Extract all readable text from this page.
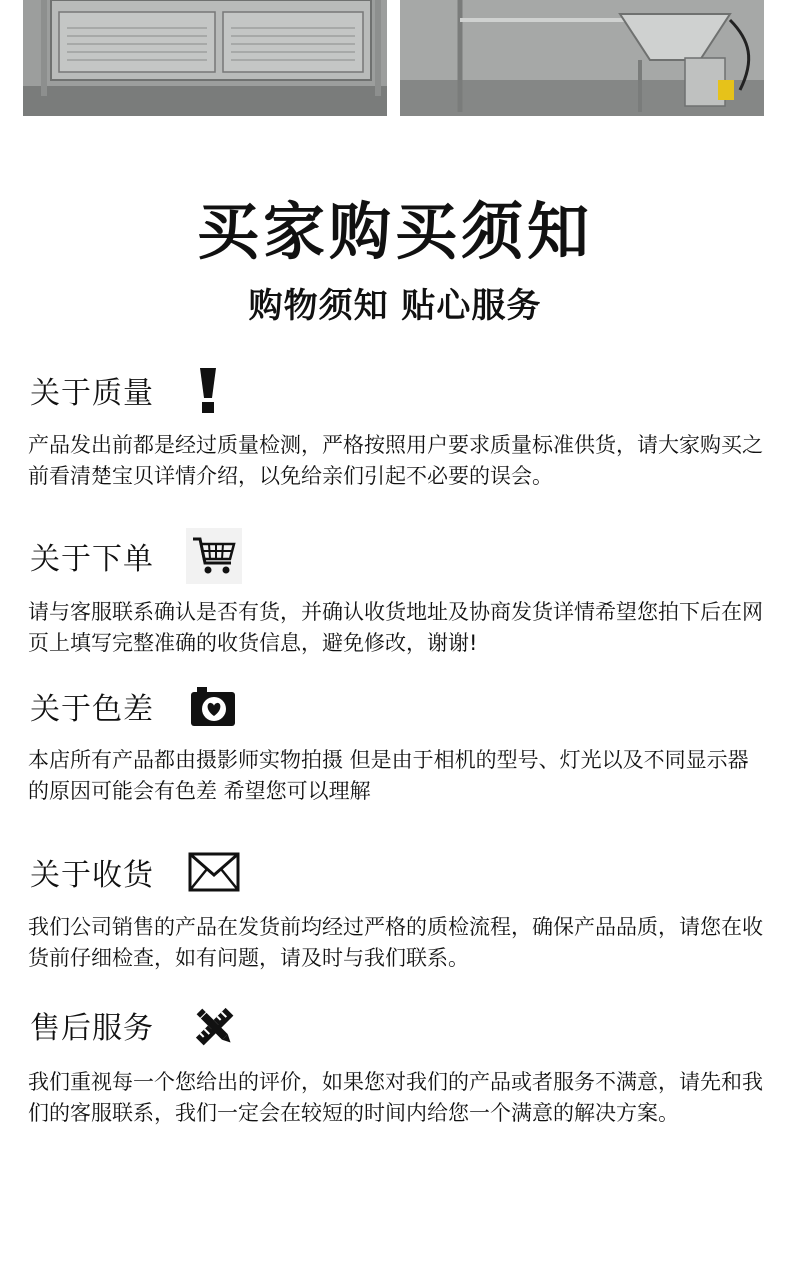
买家购买须知
购物须知 贴心服务
关于质量
产品发出前都是经过质量检测，严格按照用户要求质量标准供货，请大家购买之前看清楚宝贝详情介绍，以免给亲们引起不必要的误会。
关于下单
请与客服联系确认是否有货，并确认收货地址及协商发货详情希望您拍下后在网页上填写完整准确的收货信息，避免修改，谢谢!
关于色差
本店所有产品都由摄影师实物拍摄 但是由于相机的型号、灯光以及不同显示器的原因可能会有色差 希望您可以理解
关于收货
我们公司销售的产品在发货前均经过严格的质检流程，确保产品品质，请您在收货前仔细检查，如有问题，请及时与我们联系。
售后服务
我们重视每一个您给出的评价，如果您对我们的产品或者服务不满意，请先和我们的客服联系，我们一定会在较短的时间内给您一个满意的解决方案。
